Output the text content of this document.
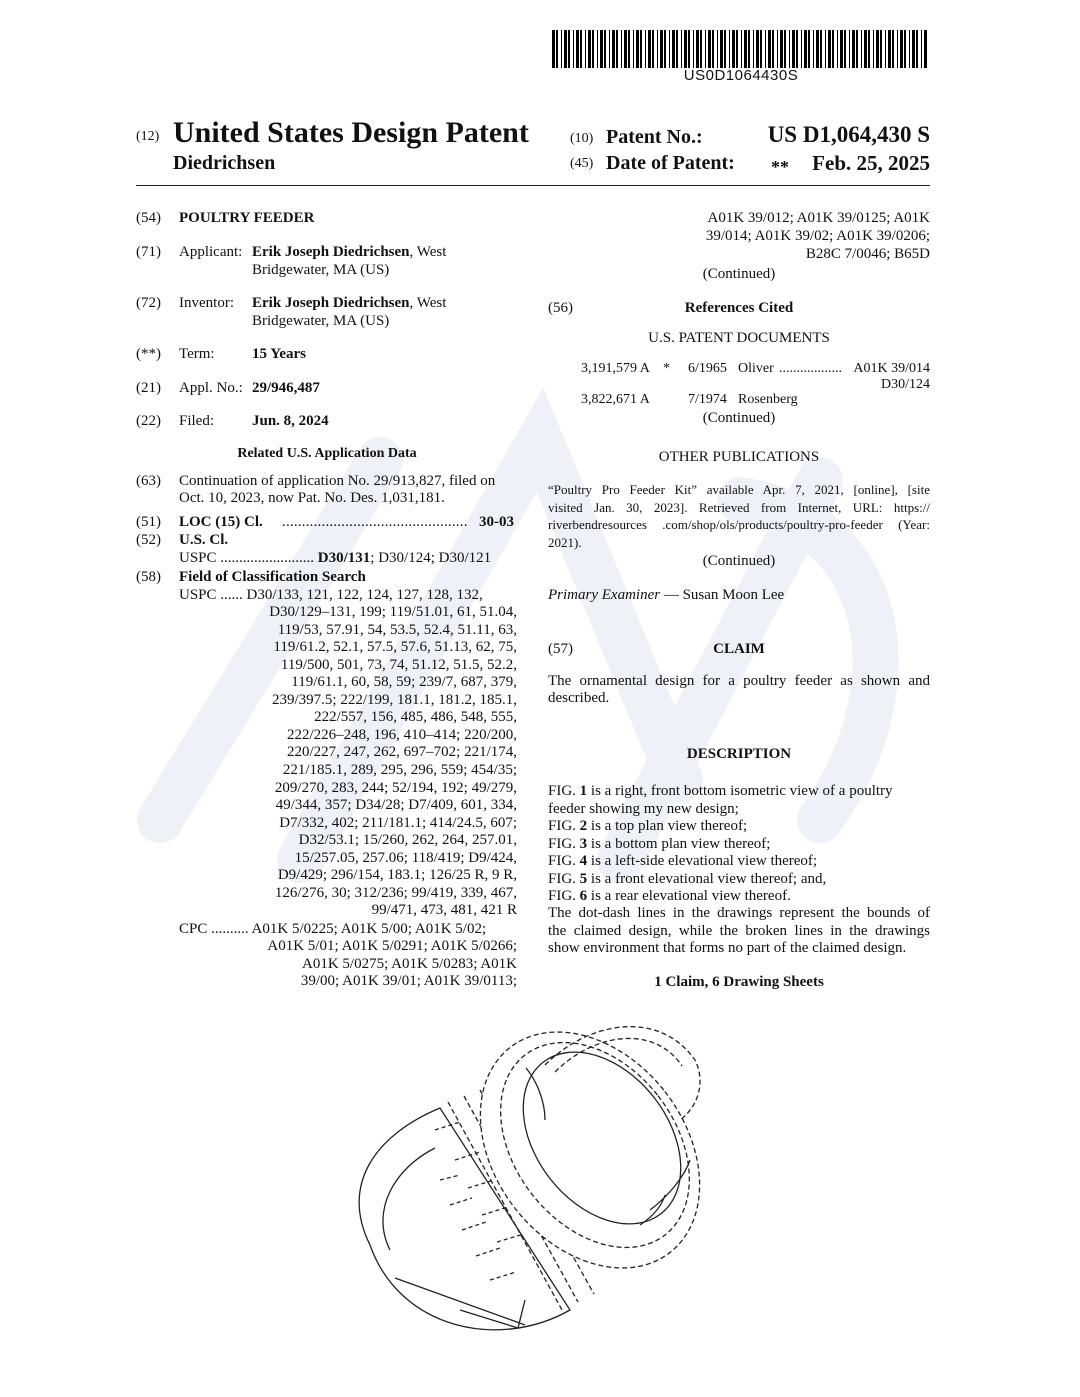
US0D1064430S
(12) United States Design Patent	(10) Patent No.:	US D1,064,430 S
Diedrichsen	(45) Date of Patent: **	Feb. 25, 2025
(54) POULTRY FEEDER
(71) Applicant: Erik Joseph Diedrichsen, West
Bridgewater, MA (US)
(72) Inventor: Erik Joseph Diedrichsen, West
Bridgewater, MA (US)
(**) Term: 15 Years
(21) Appl. No.: 29/946,487
(22) Filed:	Jun. 8, 2024
Related U.S. Application Data
(63) Continuation of application No. 29/913,827, filed on
Oct. 10, 2023, now Pat. No. Des. 1,031,181.
(51) LOC (15) Cl. ............................................... 30-03
(52) U.S. Cl.
USPC ......................... D30/131; D30/124; D30/121
(58) Field of Classification Search
USPC ...... D30/133, 121, 122, 124, 127, 128, 132,
D30/129–131, 199; 119/51.01, 61, 51.04,
119/53, 57.91, 54, 53.5, 52.4, 51.11, 63,
119/61.2, 52.1, 57.5, 57.6, 51.13, 62, 75,
119/500, 501, 73, 74, 51.12, 51.5, 52.2,
119/61.1, 60, 58, 59; 239/7, 687, 379,
239/397.5; 222/199, 181.1, 181.2, 185.1,
222/557, 156, 485, 486, 548, 555,
222/226–248, 196, 410–414; 220/200,
220/227, 247, 262, 697–702; 221/174,
221/185.1, 289, 295, 296, 559; 454/35;
209/270, 283, 244; 52/194, 192; 49/279,
49/344, 357; D34/28; D7/409, 601, 334,
D7/332, 402; 211/181.1; 414/24.5, 607;
D32/53.1; 15/260, 262, 264, 257.01,
15/257.05, 257.06; 118/419; D9/424,
D9/429; 296/154, 183.1; 126/25 R, 9 R,
126/276, 30; 312/236; 99/419, 339, 467,
99/471, 473, 481, 421 R
CPC .......... A01K 5/0225; A01K 5/00; A01K 5/02;
A01K 5/01; A01K 5/0291; A01K 5/0266;
A01K 5/0275; A01K 5/0283; A01K
39/00; A01K 39/01; A01K 39/0113;
A01K 39/012; A01K 39/0125; A01K
39/014; A01K 39/02; A01K 39/0206;
B28C 7/0046; B65D
(Continued)
(56)	References Cited
U.S. PATENT DOCUMENTS
3,191,579 A * 6/1965 Oliver .................. A01K 39/014
D30/124
3,822,671 A	7/1974 Rosenberg
(Continued)
OTHER PUBLICATIONS
“Poultry Pro Feeder Kit” available Apr. 7, 2021, [online], [site
visited Jan. 30, 2023]. Retrieved from Internet, URL: https://
riverbendresources .com/shop/ols/products/poultry-pro-feeder (Year:
2021).
(Continued)
Primary Examiner — Susan Moon Lee
(57)	CLAIM
The ornamental design for a poultry feeder as shown and
described.
DESCRIPTION
FIG. 1 is a right, front bottom isometric view of a poultry
feeder showing my new design;
FIG. 2 is a top plan view thereof;
FIG. 3 is a bottom plan view thereof;
FIG. 4 is a left-side elevational view thereof;
FIG. 5 is a front elevational view thereof; and,
FIG. 6 is a rear elevational view thereof.
The dot-dash lines in the drawings represent the bounds of
the claimed design, while the broken lines in the drawings
show environment that forms no part of the claimed design.
1 Claim, 6 Drawing Sheets
